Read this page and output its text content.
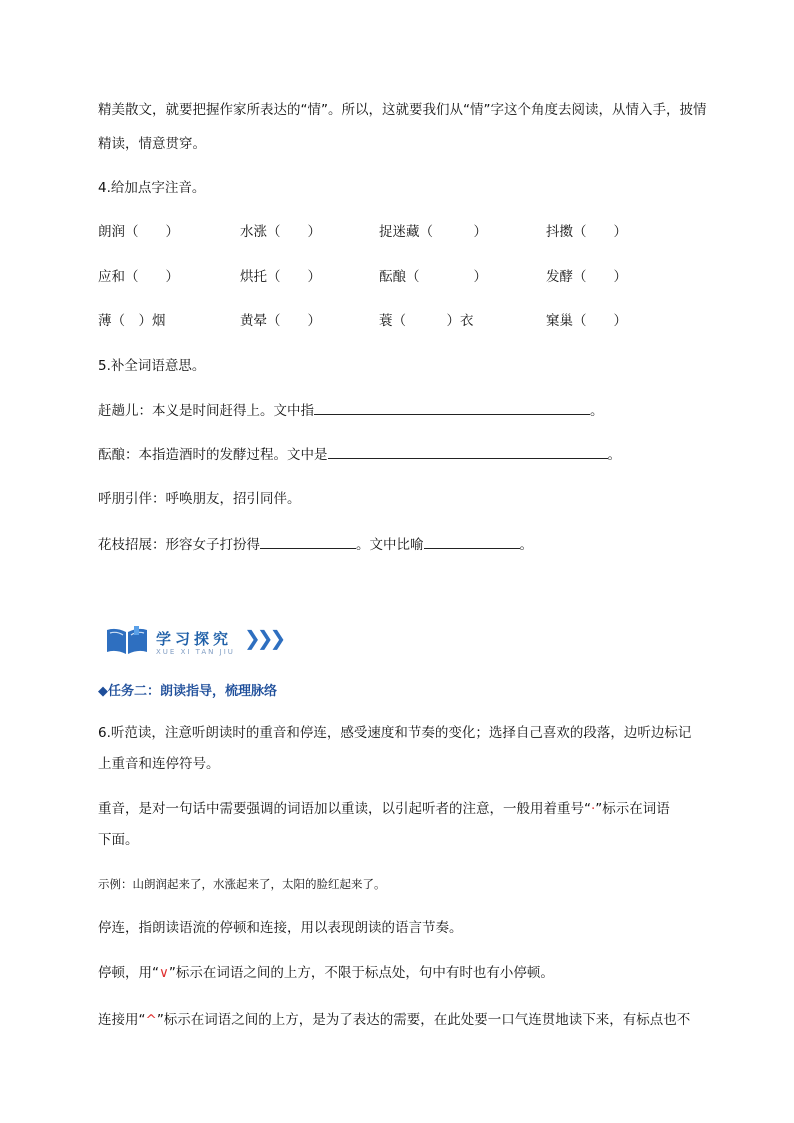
精美散文，就要把握作家所表达的“情”。所以，这就要我们从“情”字这个角度去阅读，从情入手，披情
精读，情意贯穿。
4.给加点字注音。
朗润（　　）	水涨（　　）	捉迷藏（　　　）	抖擞（　　）
应和（　　）	烘托（　　）	酝酿（　　　　）	发酵（　　）
薄（　）烟	黄晕（　　）	蓑（　　　）衣	窠巢（　　）
5.补全词语意思。
赶趟儿：本义是时间赶得上。文中指	。
酝酿：本指造酒时的发酵过程。文中是	。
呼朋引伴：呼唤朋友，招引同伴。
花枝招展：形容女子打扮得	。文中比喻	。
学习探究
XUE XI TAN JIU
❯❯❯
◆任务二：朗读指导，梳理脉络
6.听范读，注意听朗读时的重音和停连，感受速度和节奏的变化；选择自己喜欢的段落，边听边标记
上重音和连停符号。
重音，是对一句话中需要强调的词语加以重读，以引起听者的注意，一般用着重号“·”标示在词语
下面。
示例：山朗润起来了，水涨起来了，太阳的脸红起来了。
停连，指朗读语流的停顿和连接，用以表现朗读的语言节奏。
停顿，用“∨”标示在词语之间的上方，不限于标点处，句中有时也有小停顿。
连接用“^”标示在词语之间的上方，是为了表达的需要，在此处要一口气连贯地读下来，有标点也不
